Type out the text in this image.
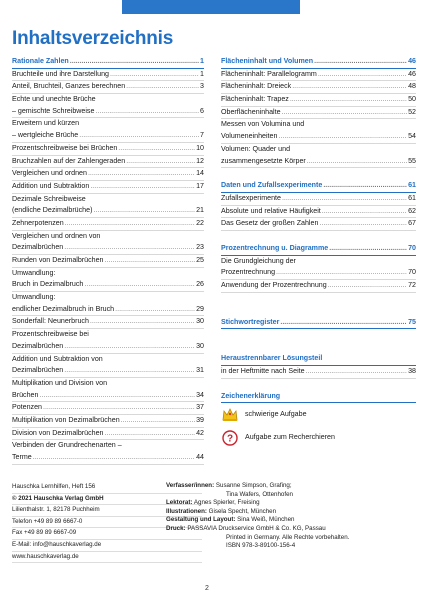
Inhaltsverzeichnis
Rationale Zahlen .....	1
Bruchteile und ihre Darstellung .....	1
Anteil, Bruchteil, Ganzes berechnen .....	3
Echte und unechte Brüche
– gemischte Schreibweise .....	6
Erweitern und kürzen
– wertgleiche Brüche .....	7
Prozentschreibweise bei Brüchen .....	10
Bruchzahlen auf der Zahlengeraden .....	12
Vergleichen und ordnen .....	14
Addition und Subtraktion .....	17
Dezimale Schreibweise
(endliche Dezimalbrüche) .....	21
Zehnerpotenzen .....	22
Vergleichen und ordnen von
Dezimalbrüchen .....	23
Runden von Dezimalbrüchen .....	25
Umwandlung:
Bruch in Dezimalbruch .....	26
Umwandlung:
endlicher Dezimalbruch in Bruch .....	29
Sonderfall: Neunerbruch .....	30
Prozentschreibweise bei
Dezimalbrüchen .....	30
Addition und Subtraktion von
Dezimalbrüchen .....	31
Multiplikation und Division von
Brüchen .....	34
Potenzen .....	37
Multiplikation von Dezimalbrüchen .....	39
Division von Dezimalbrüchen .....	42
Verbinden der Grundrechenarten –
Terme .....	44
Flächeninhalt und Volumen .....	46
Flächeninhalt: Parallelogramm .....	46
Flächeninhalt: Dreieck .....	48
Flächeninhalt: Trapez .....	50
Oberflächeninhalte .....	52
Messen von Volumina und
Volumeneinheiten .....	54
Volumen: Quader und
zusammengesetzte Körper .....	55
Daten und Zufallsexperimente .....	61
Zufallsexperimente .....	61
Absolute und relative Häufigkeit .....	62
Das Gesetz der großen Zahlen .....	67
Prozentrechnung u. Diagramme .....	70
Die Grundgleichung der
Prozentrechnung .....	70
Anwendung der Prozentrechnung .....	72
Stichwortregister .....	75
Heraustrennbarer Lösungsteil
in der Heftmitte nach Seite .....	38
Zeichenerklärung
schwierige Aufgabe
? Aufgabe zum Recherchieren
Hauschka Lernhilfen, Heft 156
© 2021 Hauschka Verlag GmbH
Lilienthalstr. 1, 82178 Puchheim
Telefon +49 89 89 6667-0
Fax +49 89 89 6667-09
E-Mail: info@hauschkaverlag.de
www.hauschkaverlag.de
Verfasser/innen: Susanne Simpson, Grafing;
Tina Wafers, Ottenhofen
Lektorat: Agnes Spierler, Freising
Illustrationen: Gisela Specht, München
Gestaltung und Layout: Sina Weiß, München
Druck: PASSAVIA Druckservice GmbH & Co. KG, Passau
Printed in Germany. Alle Rechte vorbehalten.
ISBN 978-3-89100-156-4
2
